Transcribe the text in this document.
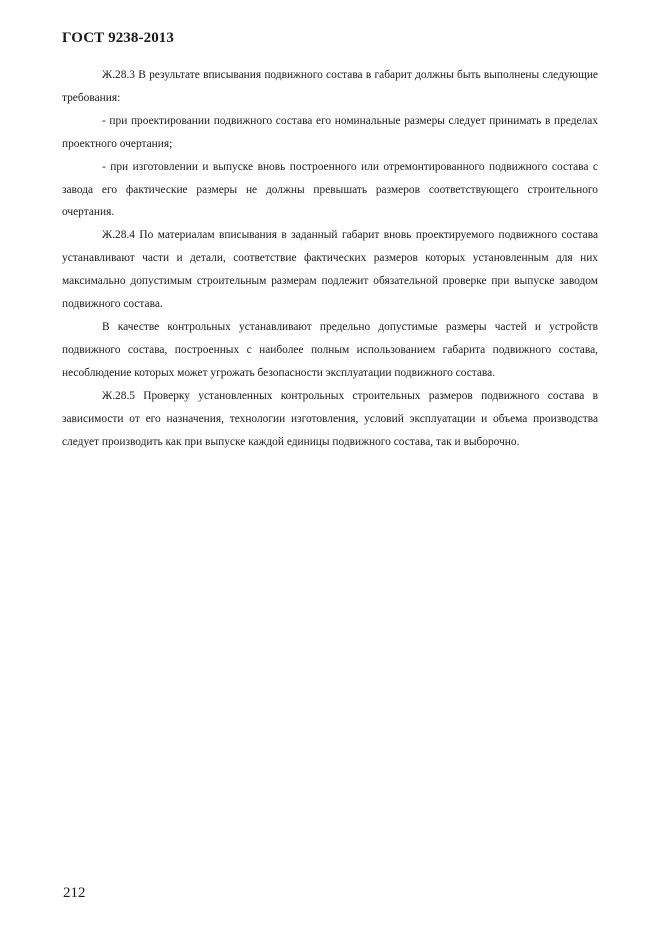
ГОСТ 9238-2013

Ж.28.3 В результате вписывания подвижного состава в габарит должны быть выполнены следующие требования:

- при проектировании подвижного состава его номинальные размеры следует принимать в пределах проектного очертания;

- при изготовлении и выпуске вновь построенного или отремонтированного подвижного состава с завода его фактические размеры не должны превышать размеров соответствующего строительного очертания.

Ж.28.4 По материалам вписывания в заданный габарит вновь проектируемого подвижного состава устанавливают части и детали, соответствие фактических размеров которых установленным для них максимально допустимым строительным размерам подлежит обязательной проверке при выпуске заводом подвижного состава.

В качестве контрольных устанавливают предельно допустимые размеры частей и устройств подвижного состава, построенных с наиболее полным использованием габарита подвижного состава, несоблюдение которых может угрожать безопасности эксплуатации подвижного состава.

Ж.28.5 Проверку установленных контрольных строительных размеров подвижного состава в зависимости от его назначения, технологии изготовления, условий эксплуатации и объема производства следует производить как при выпуске каждой единицы подвижного состава, так и выборочно.

212
